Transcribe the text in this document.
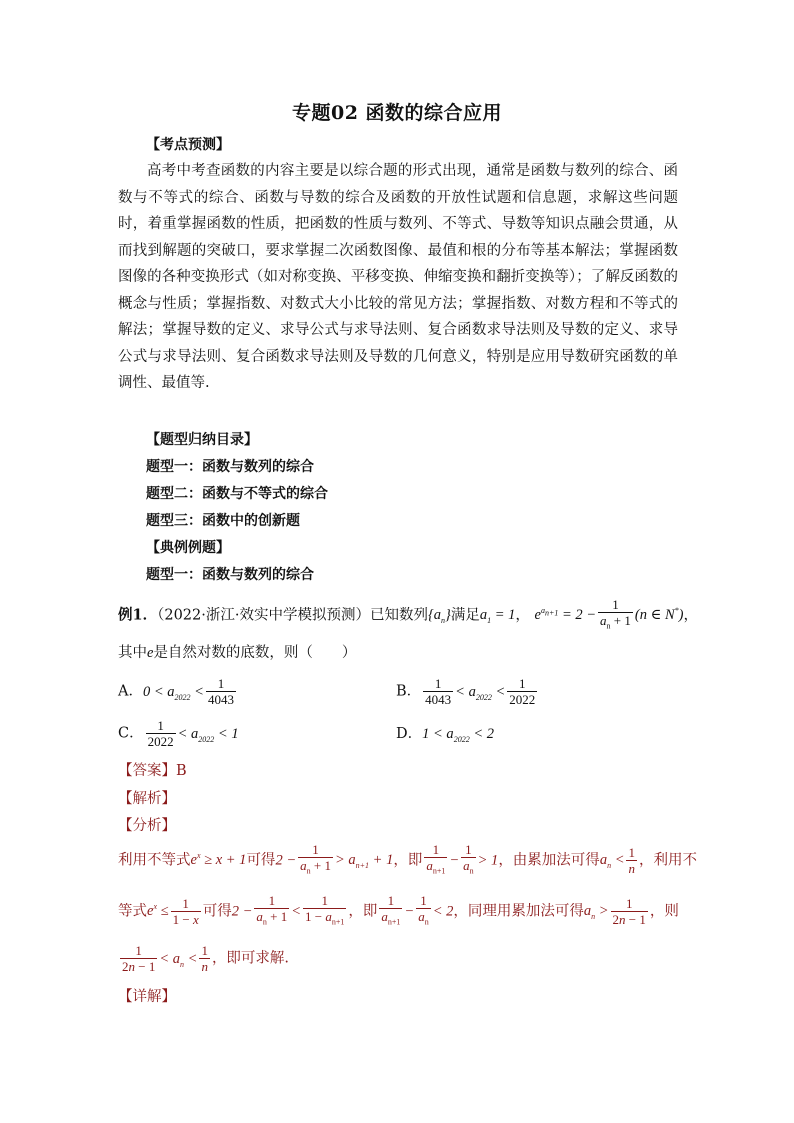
专题02 函数的综合应用
【考点预测】
高考中考查函数的内容主要是以综合题的形式出现，通常是函数与数列的综合、函数与不等式的综合、函数与导数的综合及函数的开放性试题和信息题，求解这些问题时，着重掌握函数的性质，把函数的性质与数列、不等式、导数等知识点融会贯通，从而找到解题的突破口，要求掌握二次函数图像、最值和根的分布等基本解法；掌握函数图像的各种变换形式（如对称变换、平移变换、伸缩变换和翻折变换等）；了解反函数的概念与性质；掌握指数、对数式大小比较的常见方法；掌握指数、对数方程和不等式的解法；掌握导数的定义、求导公式与求导法则、复合函数求导法则及导数的定义、求导公式与求导法则、复合函数求导法则及导数的几何意义，特别是应用导数研究函数的单调性、最值等.
【题型归纳目录】
题型一：函数与数列的综合
题型二：函数与不等式的综合
题型三：函数中的创新题
【典例例题】
题型一：函数与数列的综合
例1．（2022·浙江·效实中学模拟预测）已知数列$\{a_n\}$满足$a_1 = 1$， $e^{a_{n+1}} = 2 - \frac{1}{a_n + 1} (n$ ∈ N*)，
其中e是自然对数的底数，则（　　）
A．$0 < a_{2022} < \frac{1}{4043}$	B． $\frac{1}{4043} < a_{2022} < \frac{1}{2022}$
C． $\frac{1}{2022} < a_{2022} < 1$	D．$1 < a_{2022} < 2$
【答案】B
【解析】
【分析】
利用不等式$e^x \ge x + 1$可得$2 - \frac{1}{a_n + 1} > a_{n+1} + 1$，即 $\frac{1}{a_{n+1}} - \frac{1}{a_n} > 1$，由累加法可得$a_n < \frac{1}{n}$ ，利用不
等式$e^x \le \frac{1}{1 - x}$ 可得$2 - \frac{1}{a_n + 1} < \frac{1}{1 - a_{n+1}}$ ，即 $\frac{1}{a_{n+1}} - \frac{1}{a_n} < 2$，同理用累加法可得$a_n > \frac{1}{2n - 1}$ ，则
$\frac{1}{2n - 1} < a_n < \frac{1}{n}$ ，即可求解.
【详解】
